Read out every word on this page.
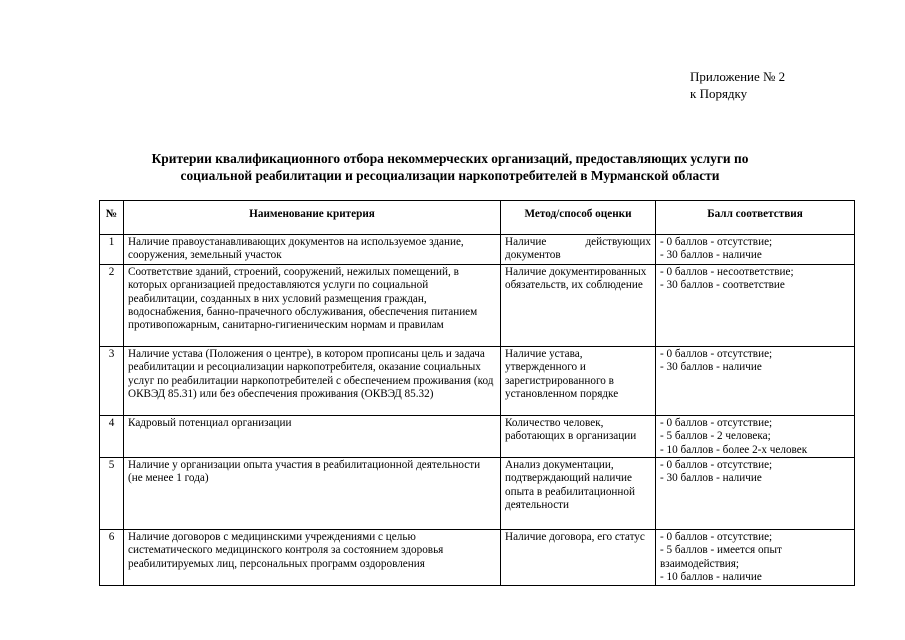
Приложение № 2
к Порядку
Критерии квалификационного отбора некоммерческих организаций, предоставляющих услуги по
социальной реабилитации и ресоциализации наркопотребителей в Мурманской области
№	Наименование критерия	Метод/способ оценки	Балл соответствия
1	Наличие правоустанавливающих документов на используемое здание, сооружения, земельный участок	Наличие действующих документов	- 0 баллов - отсутствие;
- 30 баллов - наличие

2	Соответствие зданий, строений, сооружений, нежилых помещений, в которых организацией предоставляются услуги по социальной реабилитации, созданных в них условий размещения граждан, водоснабжения, банно-прачечного обслуживания, обеспечения питанием противопожарным, санитарно-гигиеническим нормам и правилам	Наличие документированных обязательств, их соблюдение	- 0 баллов - несоответствие;
- 30 баллов - соответствие

3	Наличие устава (Положения о центре), в котором прописаны цель и задача реабилитации и ресоциализации наркопотребителя, оказание социальных услуг по реабилитации наркопотребителей с обеспечением проживания (код ОКВЭД 85.31) или без обеспечения проживания (ОКВЭД 85.32)	Наличие устава, утвержденного и зарегистрированного в установленном порядке	- 0 баллов - отсутствие;
- 30 баллов - наличие

4	Кадровый потенциал организации	Количество человек, работающих в организации	- 0 баллов - отсутствие;
- 5 баллов - 2 человека;
- 10 баллов - более 2-х человек

5	Наличие у организации опыта участия в реабилитационной деятельности (не менее 1 года)	Анализ документации, подтверждающий наличие опыта в реабилитационной деятельности	- 0 баллов - отсутствие;
- 30 баллов - наличие

6	Наличие договоров с медицинскими учреждениями с целью систематического медицинского контроля за состоянием здоровья реабилитируемых лиц, персональных программ оздоровления	Наличие договора, его статус	- 0 баллов - отсутствие;
- 5 баллов - имеется опыт
взаимодействия;
- 10 баллов - наличие
